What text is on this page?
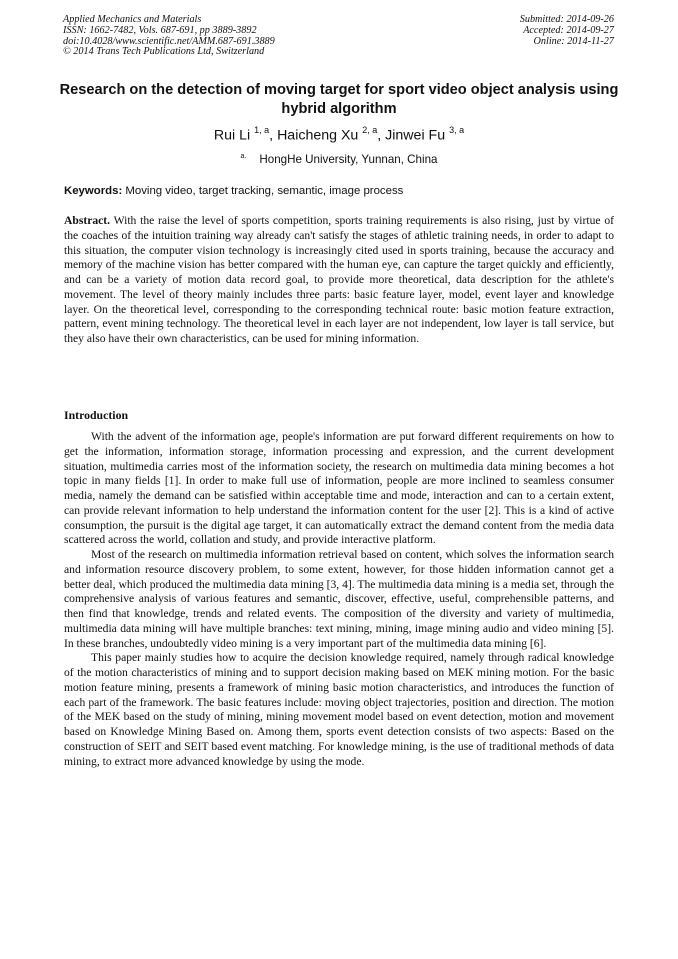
Applied Mechanics and Materials
ISSN: 1662-7482, Vols. 687-691, pp 3889-3892
doi:10.4028/www.scientific.net/AMM.687-691.3889
© 2014 Trans Tech Publications Ltd, Switzerland
Submitted: 2014-09-26
Accepted: 2014-09-27
Online: 2014-11-27
Research on the detection of moving target for sport video object analysis using hybrid algorithm
Rui Li $^{1, a}$, Haicheng Xu $^{2, a}$, Jinwei Fu $^{3, a}$
$^{a.}$ HongHe University, Yunnan, China
Keywords: Moving video, target tracking, semantic, image process
Abstract. With the raise the level of sports competition, sports training requirements is also rising, just by virtue of the coaches of the intuition training way already can't satisfy the stages of athletic training needs, in order to adapt to this situation, the computer vision technology is increasingly cited used in sports training, because the accuracy and memory of the machine vision has better compared with the human eye, can capture the target quickly and efficiently, and can be a variety of motion data record goal, to provide more theoretical, data description for the athlete's movement. The level of theory mainly includes three parts: basic feature layer, model, event layer and knowledge layer. On the theoretical level, corresponding to the corresponding technical route: basic motion feature extraction, pattern, event mining technology. The theoretical level in each layer are not independent, low layer is tall service, but they also have their own characteristics, can be used for mining information.
Introduction

With the advent of the information age, people's information are put forward different requirements on how to get the information, information storage, information processing and expression, and the current development situation, multimedia carries most of the information society, the research on multimedia data mining becomes a hot topic in many fields [1]. In order to make full use of information, people are more inclined to seamless consumer media, namely the demand can be satisfied within acceptable time and mode, interaction and can to a certain extent, can provide relevant information to help understand the information content for the user [2]. This is a kind of active consumption, the pursuit is the digital age target, it can automatically extract the demand content from the media data scattered across the world, collation and study, and provide interactive platform.

Most of the research on multimedia information retrieval based on content, which solves the information search and information resource discovery problem, to some extent, however, for those hidden information cannot get a better deal, which produced the multimedia data mining [3, 4]. The multimedia data mining is a media set, through the comprehensive analysis of various features and semantic, discover, effective, useful, comprehensible patterns, and then find that knowledge, trends and related events. The composition of the diversity and variety of multimedia, multimedia data mining will have multiple branches: text mining, mining, image mining audio and video mining [5]. In these branches, undoubtedly video mining is a very important part of the multimedia data mining [6].

This paper mainly studies how to acquire the decision knowledge required, namely through radical knowledge of the motion characteristics of mining and to support decision making based on MEK mining motion. For the basic motion feature mining, presents a framework of mining basic motion characteristics, and introduces the function of each part of the framework. The basic features include: moving object trajectories, position and direction. The motion of the MEK based on the study of mining, mining movement model based on event detection, motion and movement based on Knowledge Mining Based on. Among them, sports event detection consists of two aspects: Based on the construction of SEIT and SEIT based event matching. For knowledge mining, is the use of traditional methods of data mining, to extract more advanced knowledge by using the mode.
